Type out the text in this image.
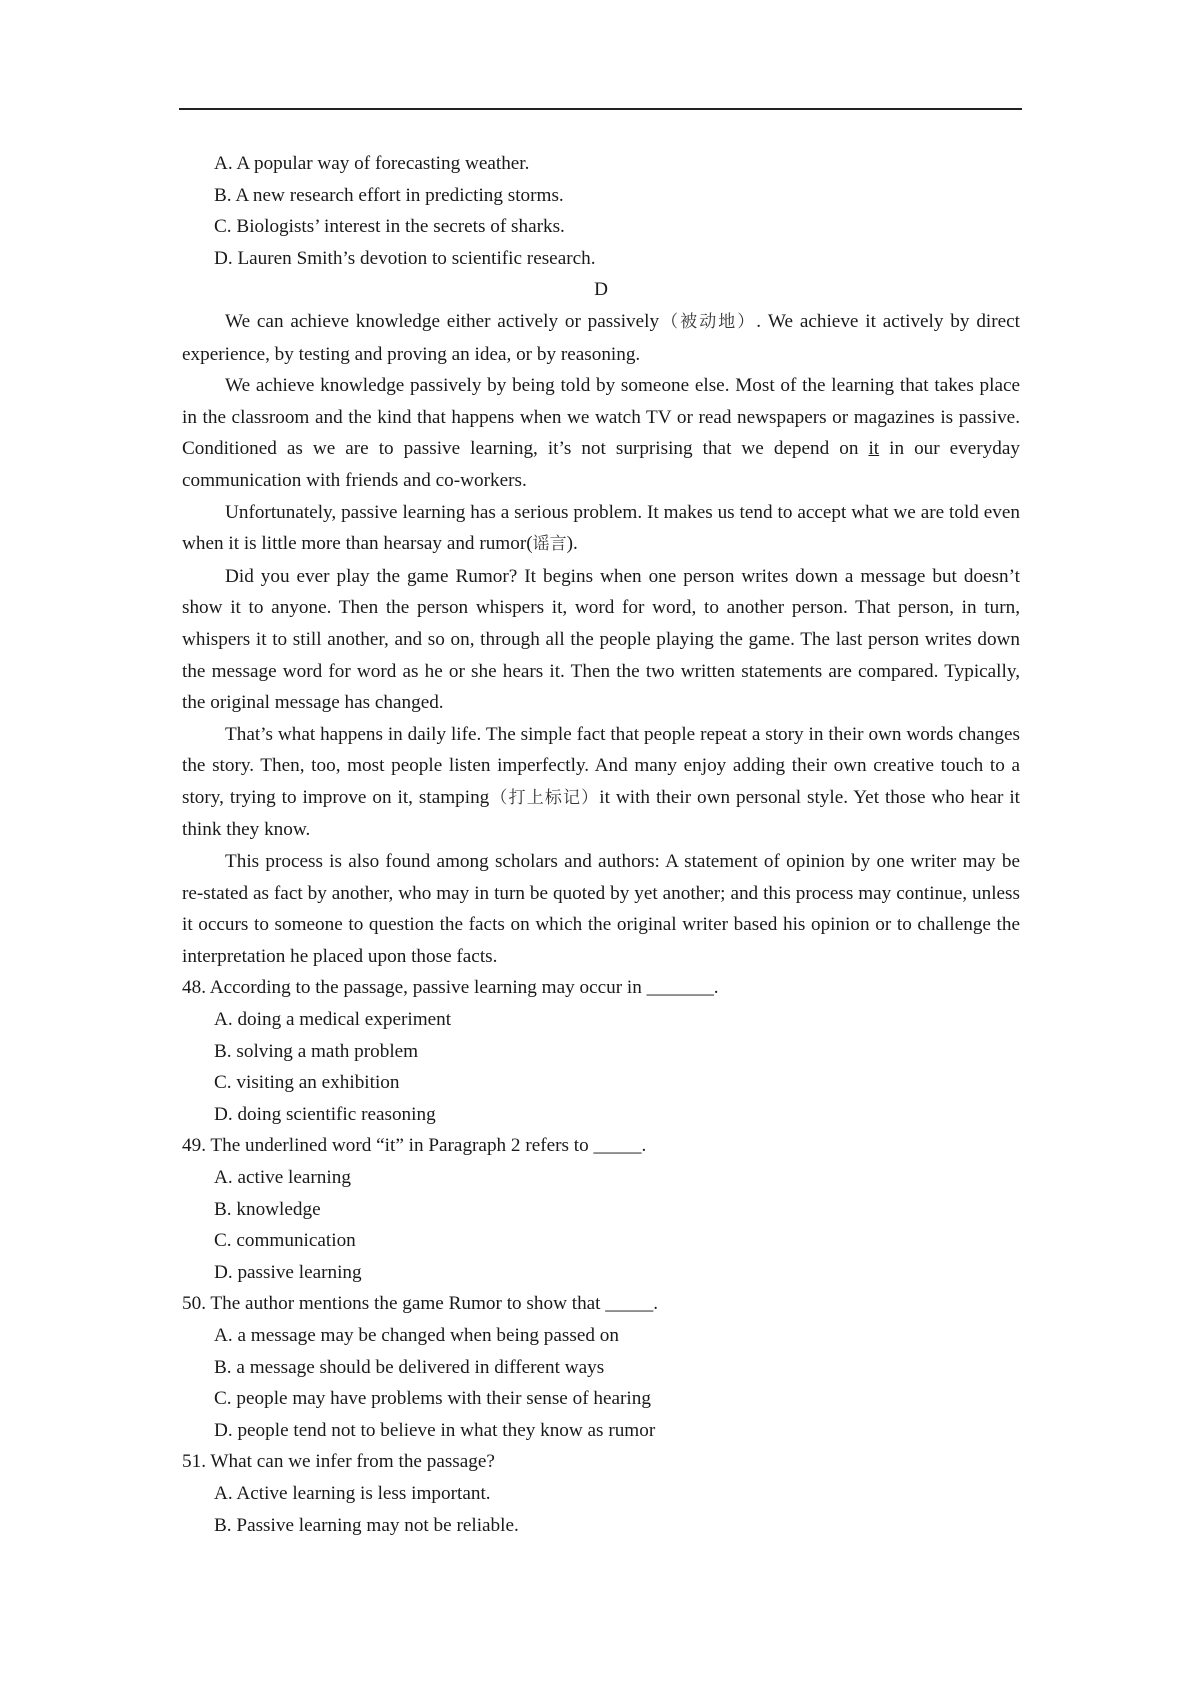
A. A popular way of forecasting weather.
B. A new research effort in predicting storms.
C. Biologists’ interest in the secrets of sharks.
D. Lauren Smith’s devotion to scientific research.
D

We can achieve knowledge either actively or passively（被动地）. We achieve it actively by direct experience, by testing and proving an idea, or by reasoning.

We achieve knowledge passively by being told by someone else. Most of the learning that takes place in the classroom and the kind that happens when we watch TV or read newspapers or magazines is passive. Conditioned as we are to passive learning, it’s not surprising that we depend on it in our everyday communication with friends and co-workers.

Unfortunately, passive learning has a serious problem. It makes us tend to accept what we are told even when it is little more than hearsay and rumor(谣言).

Did you ever play the game Rumor? It begins when one person writes down a message but doesn’t show it to anyone. Then the person whispers it, word for word, to another person. That person, in turn, whispers it to still another, and so on, through all the people playing the game. The last person writes down the message word for word as he or she hears it. Then the two written statements are compared. Typically, the original message has changed.

That’s what happens in daily life. The simple fact that people repeat a story in their own words changes the story. Then, too, most people listen imperfectly. And many enjoy adding their own creative touch to a story, trying to improve on it, stamping（打上标记）it with their own personal style. Yet those who hear it think they know.

This process is also found among scholars and authors: A statement of opinion by one writer may be re-stated as fact by another, who may in turn be quoted by yet another; and this process may continue, unless it occurs to someone to question the facts on which the original writer based his opinion or to challenge the interpretation he placed upon those facts.

48. According to the passage, passive learning may occur in _______.
A. doing a medical experiment
B. solving a math problem
C. visiting an exhibition
D. doing scientific reasoning
49. The underlined word “it” in Paragraph 2 refers to _____.
A. active learning
B. knowledge
C. communication
D. passive learning
50. The author mentions the game Rumor to show that _____.
A. a message may be changed when being passed on
B. a message should be delivered in different ways
C. people may have problems with their sense of hearing
D. people tend not to believe in what they know as rumor
51. What can we infer from the passage?
A. Active learning is less important.
B. Passive learning may not be reliable.
